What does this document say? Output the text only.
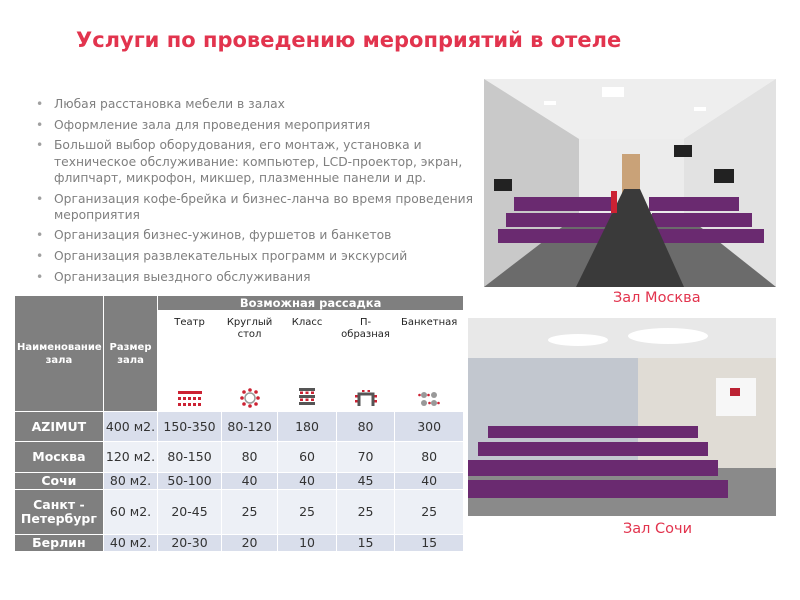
Услуги по проведению мероприятий в отеле
• Любая расстановка мебели в залах
• Оформление зала для проведения мероприятия
• Большой выбор оборудования, его монтаж, установка и техническое обслуживание: компьютер, LCD-проектор, экран, флипчарт, микрофон, микшер, плазменные панели и др.
• Организация кофе-брейка и бизнес-ланча во время проведения мероприятия
• Организация бизнес-ужинов, фуршетов и банкетов
• Организация развлекательных программ и экскурсий
• Организация выездного обслуживания
Зал Москва
Зал Сочи
Наименование зала	Размер зала	Возможная рассадка				

Театр	Круглый стол	Класс	П-образная	Банкетная

AZIMUT	400 м2.	150-350	80-120	180	80	300
Москва	120 м2.	80-150	80	60	70	80
Сочи	80 м2.	50-100	40	40	45	40
Санкт - Петербург	60 м2.	20-45	25	25	25	25
Берлин	40 м2.	20-30	20	10	15	15
